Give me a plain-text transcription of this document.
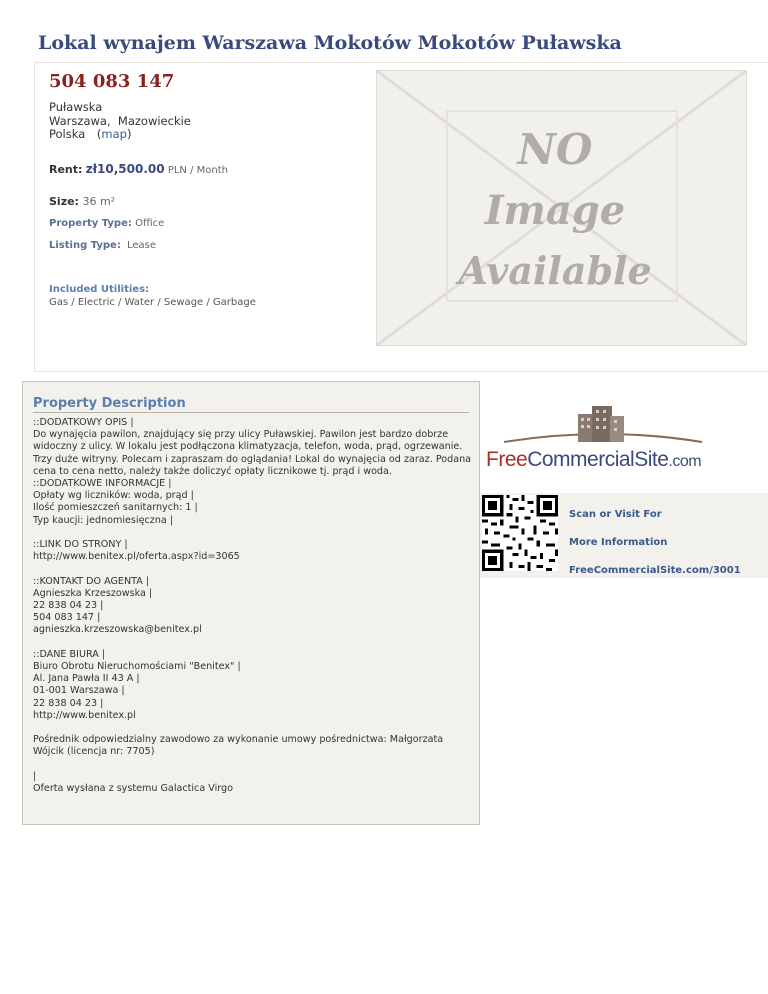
Lokal wynajem Warszawa Mokotów Mokotów Puławska
504 083 147
Puławska
Warszawa,  Mazowieckie
Polska (map)
Rent: zł10,500.00 PLN / Month
Size: 36 m²
Property Type: Office
Listing Type: Lease
Included Utilities:
Gas / Electric / Water / Sewage / Garbage
NO
Image
Available
Property Description
::DODATKOWY OPIS |
Do wynajęcia pawilon, znajdujący się przy ulicy Puławskiej. Pawilon jest bardzo dobrze widoczny z ulicy. W lokalu jest podłączona klimatyzacja, telefon, woda, prąd, ogrzewanie. Trzy duże witryny. Polecam i zapraszam do oglądania! Lokal do wynajęcia od zaraz. Podana cena to cena netto, należy także doliczyć opłaty licznikowe tj. prąd i woda.
::DODATKOWE INFORMACJE |
Opłaty wg liczników: woda, prąd |
Ilość pomieszczeń sanitarnych: 1 |
Typ kaucji: jednomiesięczna |

::LINK DO STRONY |
http://www.benitex.pl/oferta.aspx?id=3065

::KONTAKT DO AGENTA |
Agnieszka Krzeszowska |
22 838 04 23 |
504 083 147 |
agnieszka.krzeszowska@benitex.pl

::DANE BIURA |
Biuro Obrotu Nieruchomościami "Benitex" |
Al. Jana Pawła II 43 A |
01-001 Warszawa |
22 838 04 23 |
http://www.benitex.pl

Pośrednik odpowiedzialny zawodowo za wykonanie umowy pośrednictwa: Małgorzata Wójcik (licencja nr: 7705)

|
Oferta wysłana z systemu Galactica Virgo
FreeCommercialSite.com
Scan or Visit For
More Information
FreeCommercialSite.com/3001
